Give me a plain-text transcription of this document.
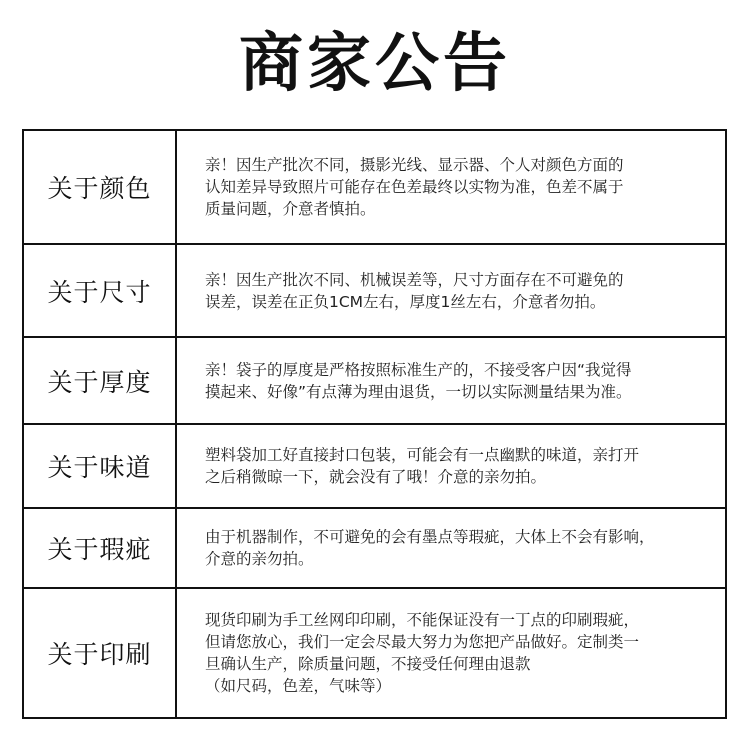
商家公告
关于颜色	亲！因生产批次不同，摄影光线、显示器、个人对颜色方面的
认知差异导致照片可能存在色差最终以实物为准，色差不属于
质量问题，介意者慎拍。

关于尺寸	亲！因生产批次不同、机械误差等，尺寸方面存在不可避免的
误差，误差在正负1CM左右，厚度1丝左右，介意者勿拍。

关于厚度	亲！袋子的厚度是严格按照标准生产的，不接受客户因“我觉得
摸起来、好像”有点薄为理由退货，一切以实际测量结果为准。

关于味道	塑料袋加工好直接封口包装，可能会有一点幽默的味道，亲打开
之后稍微晾一下，就会没有了哦！介意的亲勿拍。

关于瑕疵	由于机器制作，不可避免的会有墨点等瑕疵，大体上不会有影响，
介意的亲勿拍。

关于印刷	现货印刷为手工丝网印印刷，不能保证没有一丁点的印刷瑕疵，
但请您放心，我们一定会尽最大努力为您把产品做好。定制类一
旦确认生产，除质量问题，不接受任何理由退款
（如尺码，色差，气味等）
